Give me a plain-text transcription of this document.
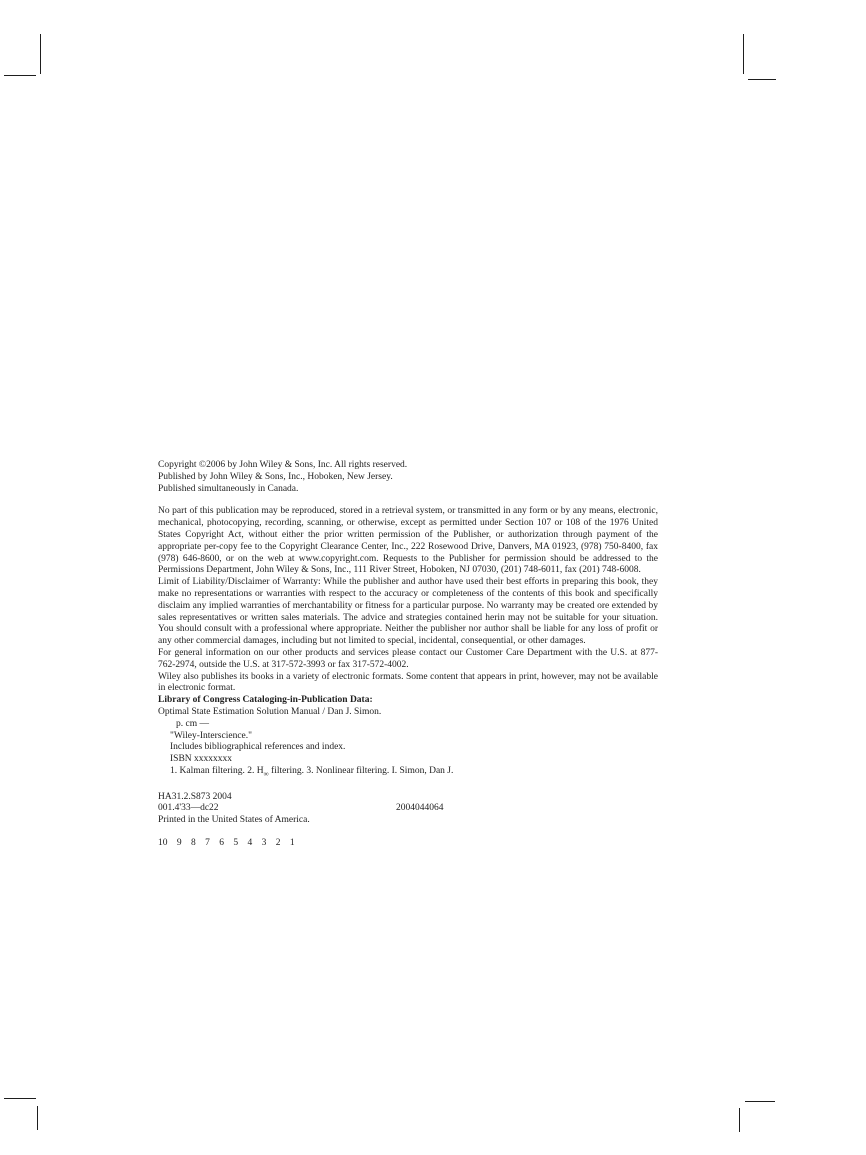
Copyright ©2006 by John Wiley & Sons, Inc. All rights reserved.

Published by John Wiley & Sons, Inc., Hoboken, New Jersey.

Published simultaneously in Canada.

No part of this publication may be reproduced, stored in a retrieval system, or transmitted in any form or by any means, electronic, mechanical, photocopying, recording, scanning, or otherwise, except as permitted under Section 107 or 108 of the 1976 United States Copyright Act, without either the prior written permission of the Publisher, or authorization through payment of the appropriate per-copy fee to the Copyright Clearance Center, Inc., 222 Rosewood Drive, Danvers, MA 01923, (978) 750-8400, fax (978) 646-8600, or on the web at www.copyright.com. Requests to the Publisher for permission should be addressed to the Permissions Department, John Wiley & Sons, Inc., 111 River Street, Hoboken, NJ 07030, (201) 748-6011, fax (201) 748-6008.

Limit of Liability/Disclaimer of Warranty: While the publisher and author have used their best efforts in preparing this book, they make no representations or warranties with respect to the accuracy or completeness of the contents of this book and specifically disclaim any implied warranties of merchantability or fitness for a particular purpose. No warranty may be created ore extended by sales representatives or written sales materials. The advice and strategies contained herin may not be suitable for your situation. You should consult with a professional where appropriate. Neither the publisher nor author shall be liable for any loss of profit or any other commercial damages, including but not limited to special, incidental, consequential, or other damages.

For general information on our other products and services please contact our Customer Care Department with the U.S. at 877-762-2974, outside the U.S. at 317-572-3993 or fax 317-572-4002.

Wiley also publishes its books in a variety of electronic formats. Some content that appears in print, however, may not be available in electronic format.

Library of Congress Cataloging-in-Publication Data:

Optimal State Estimation Solution Manual / Dan J. Simon.

p. cm —

"Wiley-Interscience."

Includes bibliographical references and index.

ISBN xxxxxxxx

1. Kalman filtering. 2. $H_\infty$ filtering. 3. Nonlinear filtering. I. Simon, Dan J.

HA31.2.S873 2004

001.4'33—dc22	2004044064

Printed in the United States of America.

10 9 8 7 6 5 4 3 2 1
